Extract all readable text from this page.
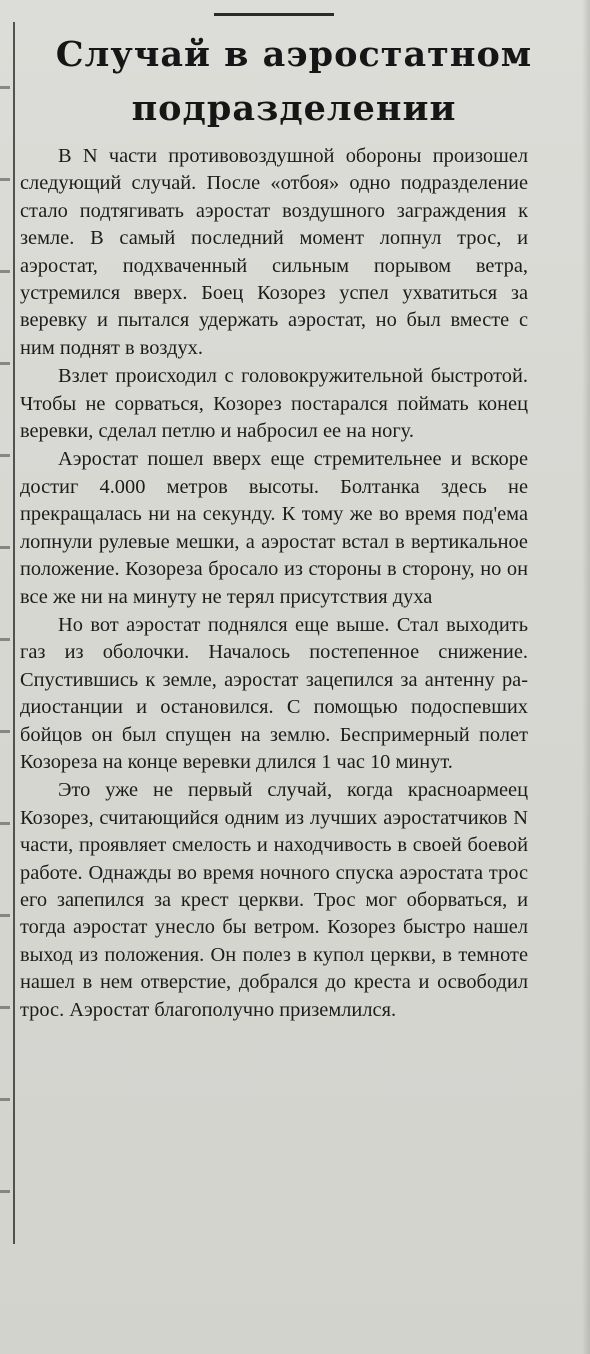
Случай в аэростатном
подразделении

В N части противовоздушной обороны произошел следующий случай. После «отбоя» одно подразделение стало подтягивать аэростат воздушного заграждения к земле. В самый последний момент лопнул трос, и аэростат, подхваченный сильным порывом ветра, устремился вверх. Боец Козорез успел ухватиться за веревку и пытался удержать аэростат, но был вместе с ним поднят в воздух.

Взлет происходил с головокружительной быстротой. Чтобы не сорваться, Козорез постарался поймать конец веревки, сделал петлю и набросил ее на ногу.

Аэростат пошел вверх еще стремительнее и вскоре достиг 4.000 метров высоты. Болтанка здесь не прекращалась ни на секунду. К тому же во время под'ема лопнули рулевые мешки, а аэростат встал в вертикальное положение. Козореза бросало из стороны в сторону, но он все же ни на минуту не терял присутствия духа

Но вот аэростат поднялся еще выше. Стал выходить газ из оболочки. Началось постепенное снижение. Спустившись к земле, аэростат зацепился за антенну радиостанции и остановился. С помощью подоспевших бойцов он был спущен на землю. Беспримерный полет Козореза на конце веревки длился 1 час 10 минут.

Это уже не первый случай, когда красноармеец Козорез, считающийся одним из лучших аэростатчиков N части, проявляет смелость и находчивость в своей боевой работе. Однажды во время ночного спуска аэростата трос его запепился за крест церкви. Трос мог оборваться, и тогда аэростат унесло бы ветром. Козорез быстро нашел выход из положения. Он полез в купол церкви, в темноте нашел в нем отверстие, добрался до креста и освободил трос. Аэростат благополучно приземлился.
